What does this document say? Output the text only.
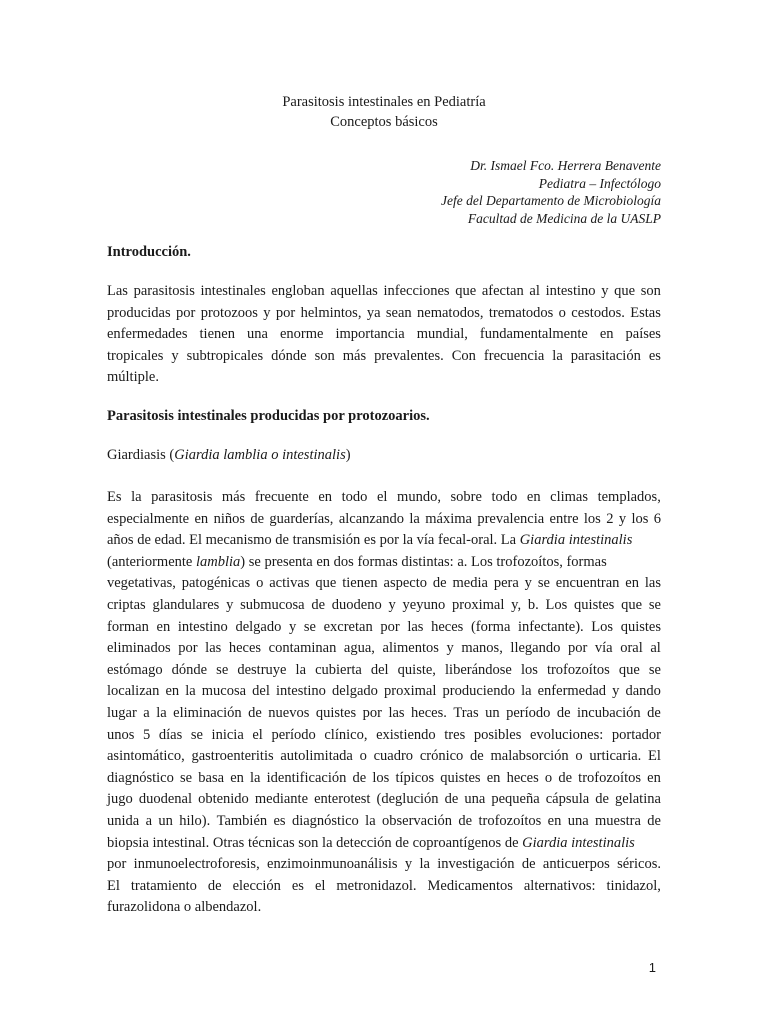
Parasitosis intestinales en Pediatría
Conceptos básicos
Dr. Ismael Fco. Herrera Benavente
Pediatra – Infectólogo
Jefe del Departamento de Microbiología
Facultad de Medicina de la UASLP
Introducción.
Las parasitosis intestinales engloban aquellas infecciones que afectan al intestino y que son
producidas por protozoos y por helmintos, ya sean nematodos, trematodos o cestodos. Estas
enfermedades tienen una enorme importancia mundial, fundamentalmente en países
tropicales y subtropicales dónde son más prevalentes. Con frecuencia la parasitación es
múltiple.
Parasitosis intestinales producidas por protozoarios.
Giardiasis (Giardia lamblia o intestinalis)
Es la parasitosis más frecuente en todo el mundo, sobre todo en climas templados,
especialmente en niños de guarderías, alcanzando la máxima prevalencia entre los 2 y los 6
años de edad. El mecanismo de transmisión es por la vía fecal-oral. La Giardia intestinalis
(anteriormente lamblia) se presenta en dos formas distintas: a. Los trofozoítos, formas
vegetativas, patogénicas o activas que tienen aspecto de media pera y se encuentran en las
criptas glandulares y submucosa de duodeno y yeyuno proximal y, b. Los quistes que se
forman en intestino delgado y se excretan por las heces (forma infectante). Los quistes
eliminados por las heces contaminan agua, alimentos y manos, llegando por vía oral al
estómago dónde se destruye la cubierta del quiste, liberándose los trofozoítos que se
localizan en la mucosa del intestino delgado proximal produciendo la enfermedad y dando
lugar a la eliminación de nuevos quistes por las heces. Tras un período de incubación de
unos 5 días se inicia el período clínico, existiendo tres posibles evoluciones: portador
asintomático, gastroenteritis autolimitada o cuadro crónico de malabsorción o urticaria. El
diagnóstico se basa en la identificación de los típicos quistes en heces o de trofozoítos en
jugo duodenal obtenido mediante enterotest (deglución de una pequeña cápsula de gelatina
unida a un hilo). También es diagnóstico la observación de trofozoítos en una muestra de
biopsia intestinal. Otras técnicas son la detección de coproantígenos de Giardia intestinalis
por inmunoelectroforesis, enzimoinmunoanálisis y la investigación de anticuerpos séricos.
El tratamiento de elección es el metronidazol. Medicamentos alternativos: tinidazol,
furazolidona o albendazol.
1
